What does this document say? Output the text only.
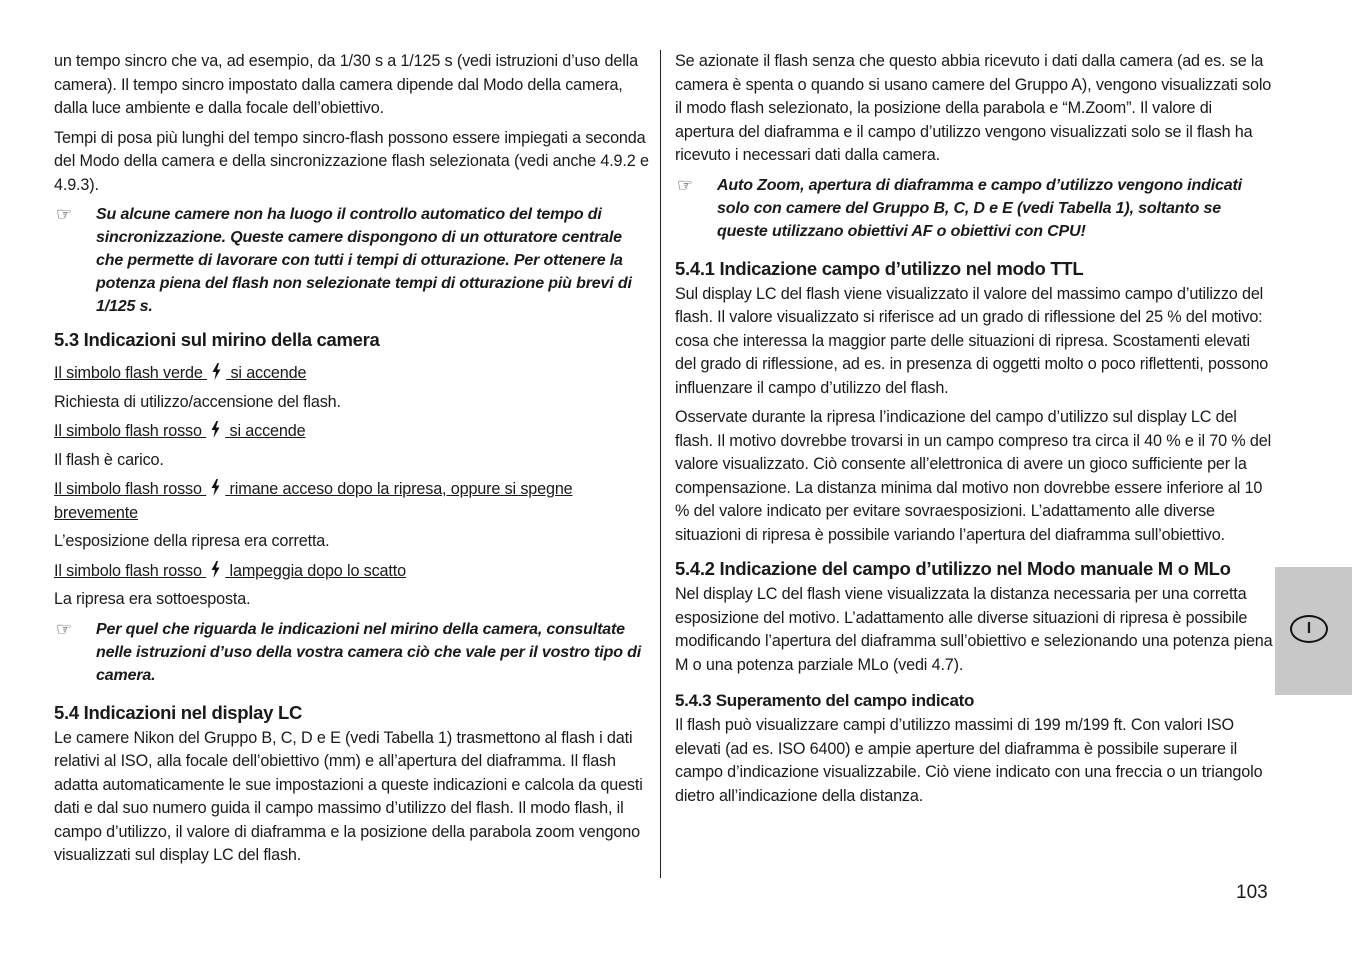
un tempo sincro che va, ad esempio, da 1/30 s a 1/125 s (vedi istruzioni d’uso della camera). Il tempo sincro impostato dalla camera dipende dal Modo della camera, dalla luce ambiente e dalla focale dell’obiettivo.

Tempi di posa più lunghi del tempo sincro-flash possono essere impiegati a seconda del Modo della camera e della sincronizzazione flash selezionata (vedi anche 4.9.2 e 4.9.3).

☞	Su alcune camere non ha luogo il controllo automatico del tempo di sincronizzazione. Queste camere dispongono di un otturatore centrale che permette di lavorare con tutti i tempi di otturazione. Per ottenere la potenza piena del flash non selezionate tempi di otturazione più brevi di 1/125 s.
5.3 Indicazioni sul mirino della camera

Il simbolo flash verde  si accende

Richiesta di utilizzo/accensione del flash.

Il simbolo flash rosso  si accende

Il flash è carico.

Il simbolo flash rosso  rimane acceso dopo la ripresa, oppure si spegne brevemente

L’esposizione della ripresa era corretta.

Il simbolo flash rosso  lampeggia dopo lo scatto

La ripresa era sottoesposta.

☞	Per quel che riguarda le indicazioni nel mirino della camera, consultate nelle istruzioni d’uso della vostra camera ciò che vale per il vostro tipo di camera.
5.4 Indicazioni nel display LC

Le camere Nikon del Gruppo B, C, D e E (vedi Tabella 1) trasmettono al flash i dati relativi al ISO, alla focale dell’obiettivo (mm) e all’apertura del diaframma. Il flash adatta automaticamente le sue impostazioni a queste indicazioni e calcola da questi dati e dal suo numero guida il campo massimo d’utilizzo del flash. Il modo flash, il campo d’utilizzo, il valore di diaframma e la posizione della parabola zoom vengono visualizzati sul display LC del flash.

Se azionate il flash senza che questo abbia ricevuto i dati dalla camera (ad es. se la camera è spenta o quando si usano camere del Gruppo A), vengono visualizzati solo il modo flash selezionato, la posizione della parabola e “M.Zoom”. Il valore di apertura del diaframma e il campo d’utilizzo vengono visualizzati solo se il flash ha ricevuto i necessari dati dalla camera.

☞	Auto Zoom, apertura di diaframma e campo d’utilizzo vengono indicati solo con camere del Gruppo B, C, D e E (vedi Tabella 1), soltanto se queste utilizzano obiettivi AF o obiettivi con CPU!
5.4.1 Indicazione campo d’utilizzo nel modo TTL

Sul display LC del flash viene visualizzato il valore del massimo campo d’utilizzo del flash. Il valore visualizzato si riferisce ad un grado di riflessione del 25 % del motivo: cosa che interessa la maggior parte delle situazioni di ripresa. Scostamenti elevati del grado di riflessione, ad es. in presenza di oggetti molto o poco riflettenti, possono influenzare il campo d’utilizzo del flash.

Osservate durante la ripresa l’indicazione del campo d’utilizzo sul display LC del flash. Il motivo dovrebbe trovarsi in un campo compreso tra circa il 40 % e il 70 % del valore visualizzato. Ciò consente all’elettronica di avere un gioco sufficiente per la compensazione. La distanza minima dal motivo non dovrebbe essere inferiore al 10 % del valore indicato per evitare sovraesposizioni. L’adattamento alle diverse situazioni di ripresa è possibile variando l’apertura del diaframma sull’obiettivo.

5.4.2 Indicazione del campo d’utilizzo nel Modo manuale M o MLo

Nel display LC del flash viene visualizzata la distanza necessaria per una corretta esposizione del motivo. L’adattamento alle diverse situazioni di ripresa è possibile modificando l’apertura del diaframma sull’obiettivo e selezionando una potenza piena M o una potenza parziale MLo (vedi 4.7).

5.4.3 Superamento del campo indicato

Il flash può visualizzare campi d’utilizzo massimi di 199 m/199 ft. Con valori ISO elevati (ad es. ISO 6400) e ampie aperture del diaframma è possibile superare il campo d’indicazione visualizzabile. Ciò viene indicato con una freccia o un triangolo dietro all’indicazione della distanza.

I
103
